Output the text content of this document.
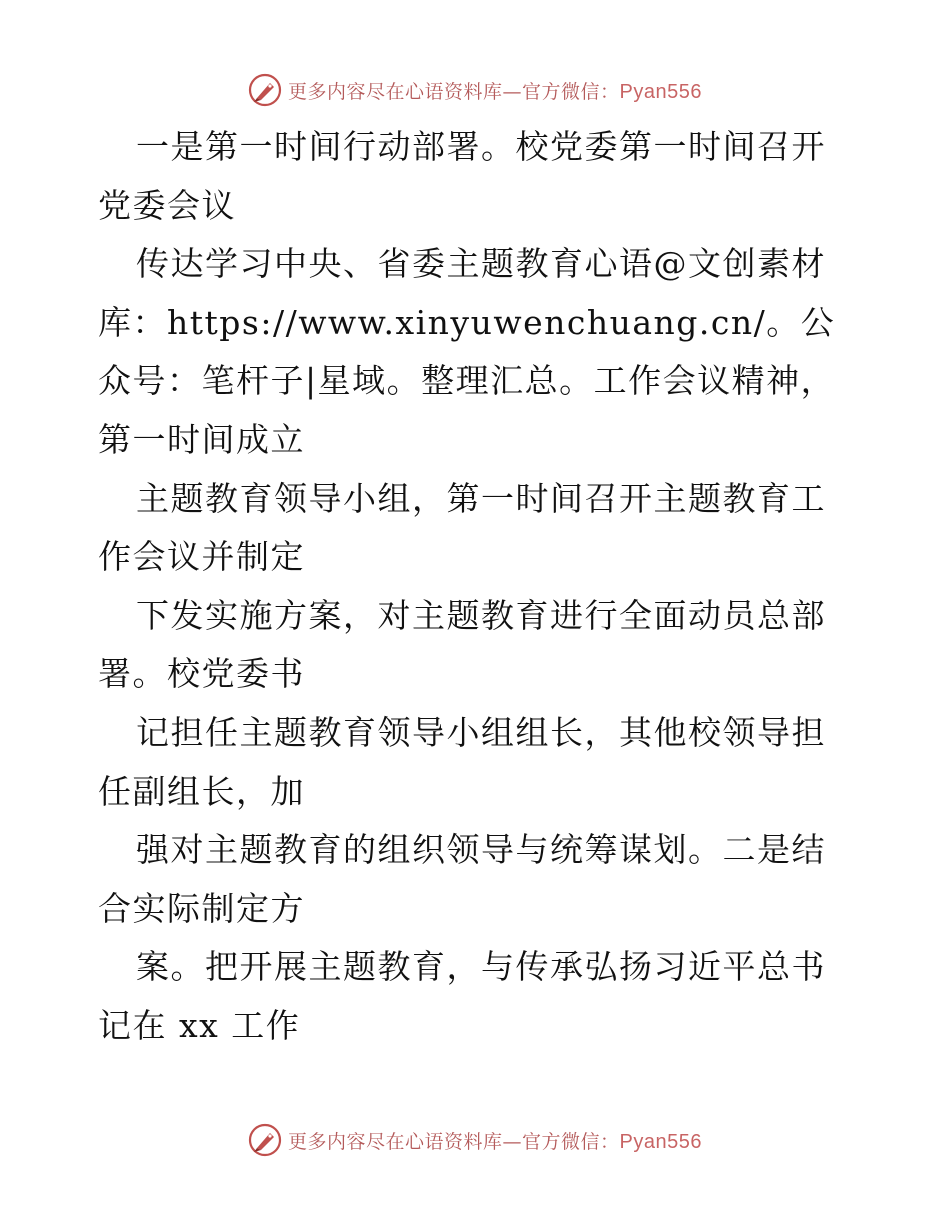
更多内容尽在心语资料库—官方微信：Pyan556

一是第一时间行动部署。校党委第一时间召开党委会议

传达学习中央、省委主题教育心语@文创素材库：https://www.xinyuwenchuang.cn/。公众号：笔杆子|星域。整理汇总。工作会议精神，第一时间成立

主题教育领导小组，第一时间召开主题教育工作会议并制定

下发实施方案，对主题教育进行全面动员总部署。校党委书

记担任主题教育领导小组组长，其他校领导担任副组长，加

强对主题教育的组织领导与统筹谋划。二是结合实际制定方

案。把开展主题教育，与传承弘扬习近平总书记在 xx 工作

更多内容尽在心语资料库—官方微信：Pyan556
